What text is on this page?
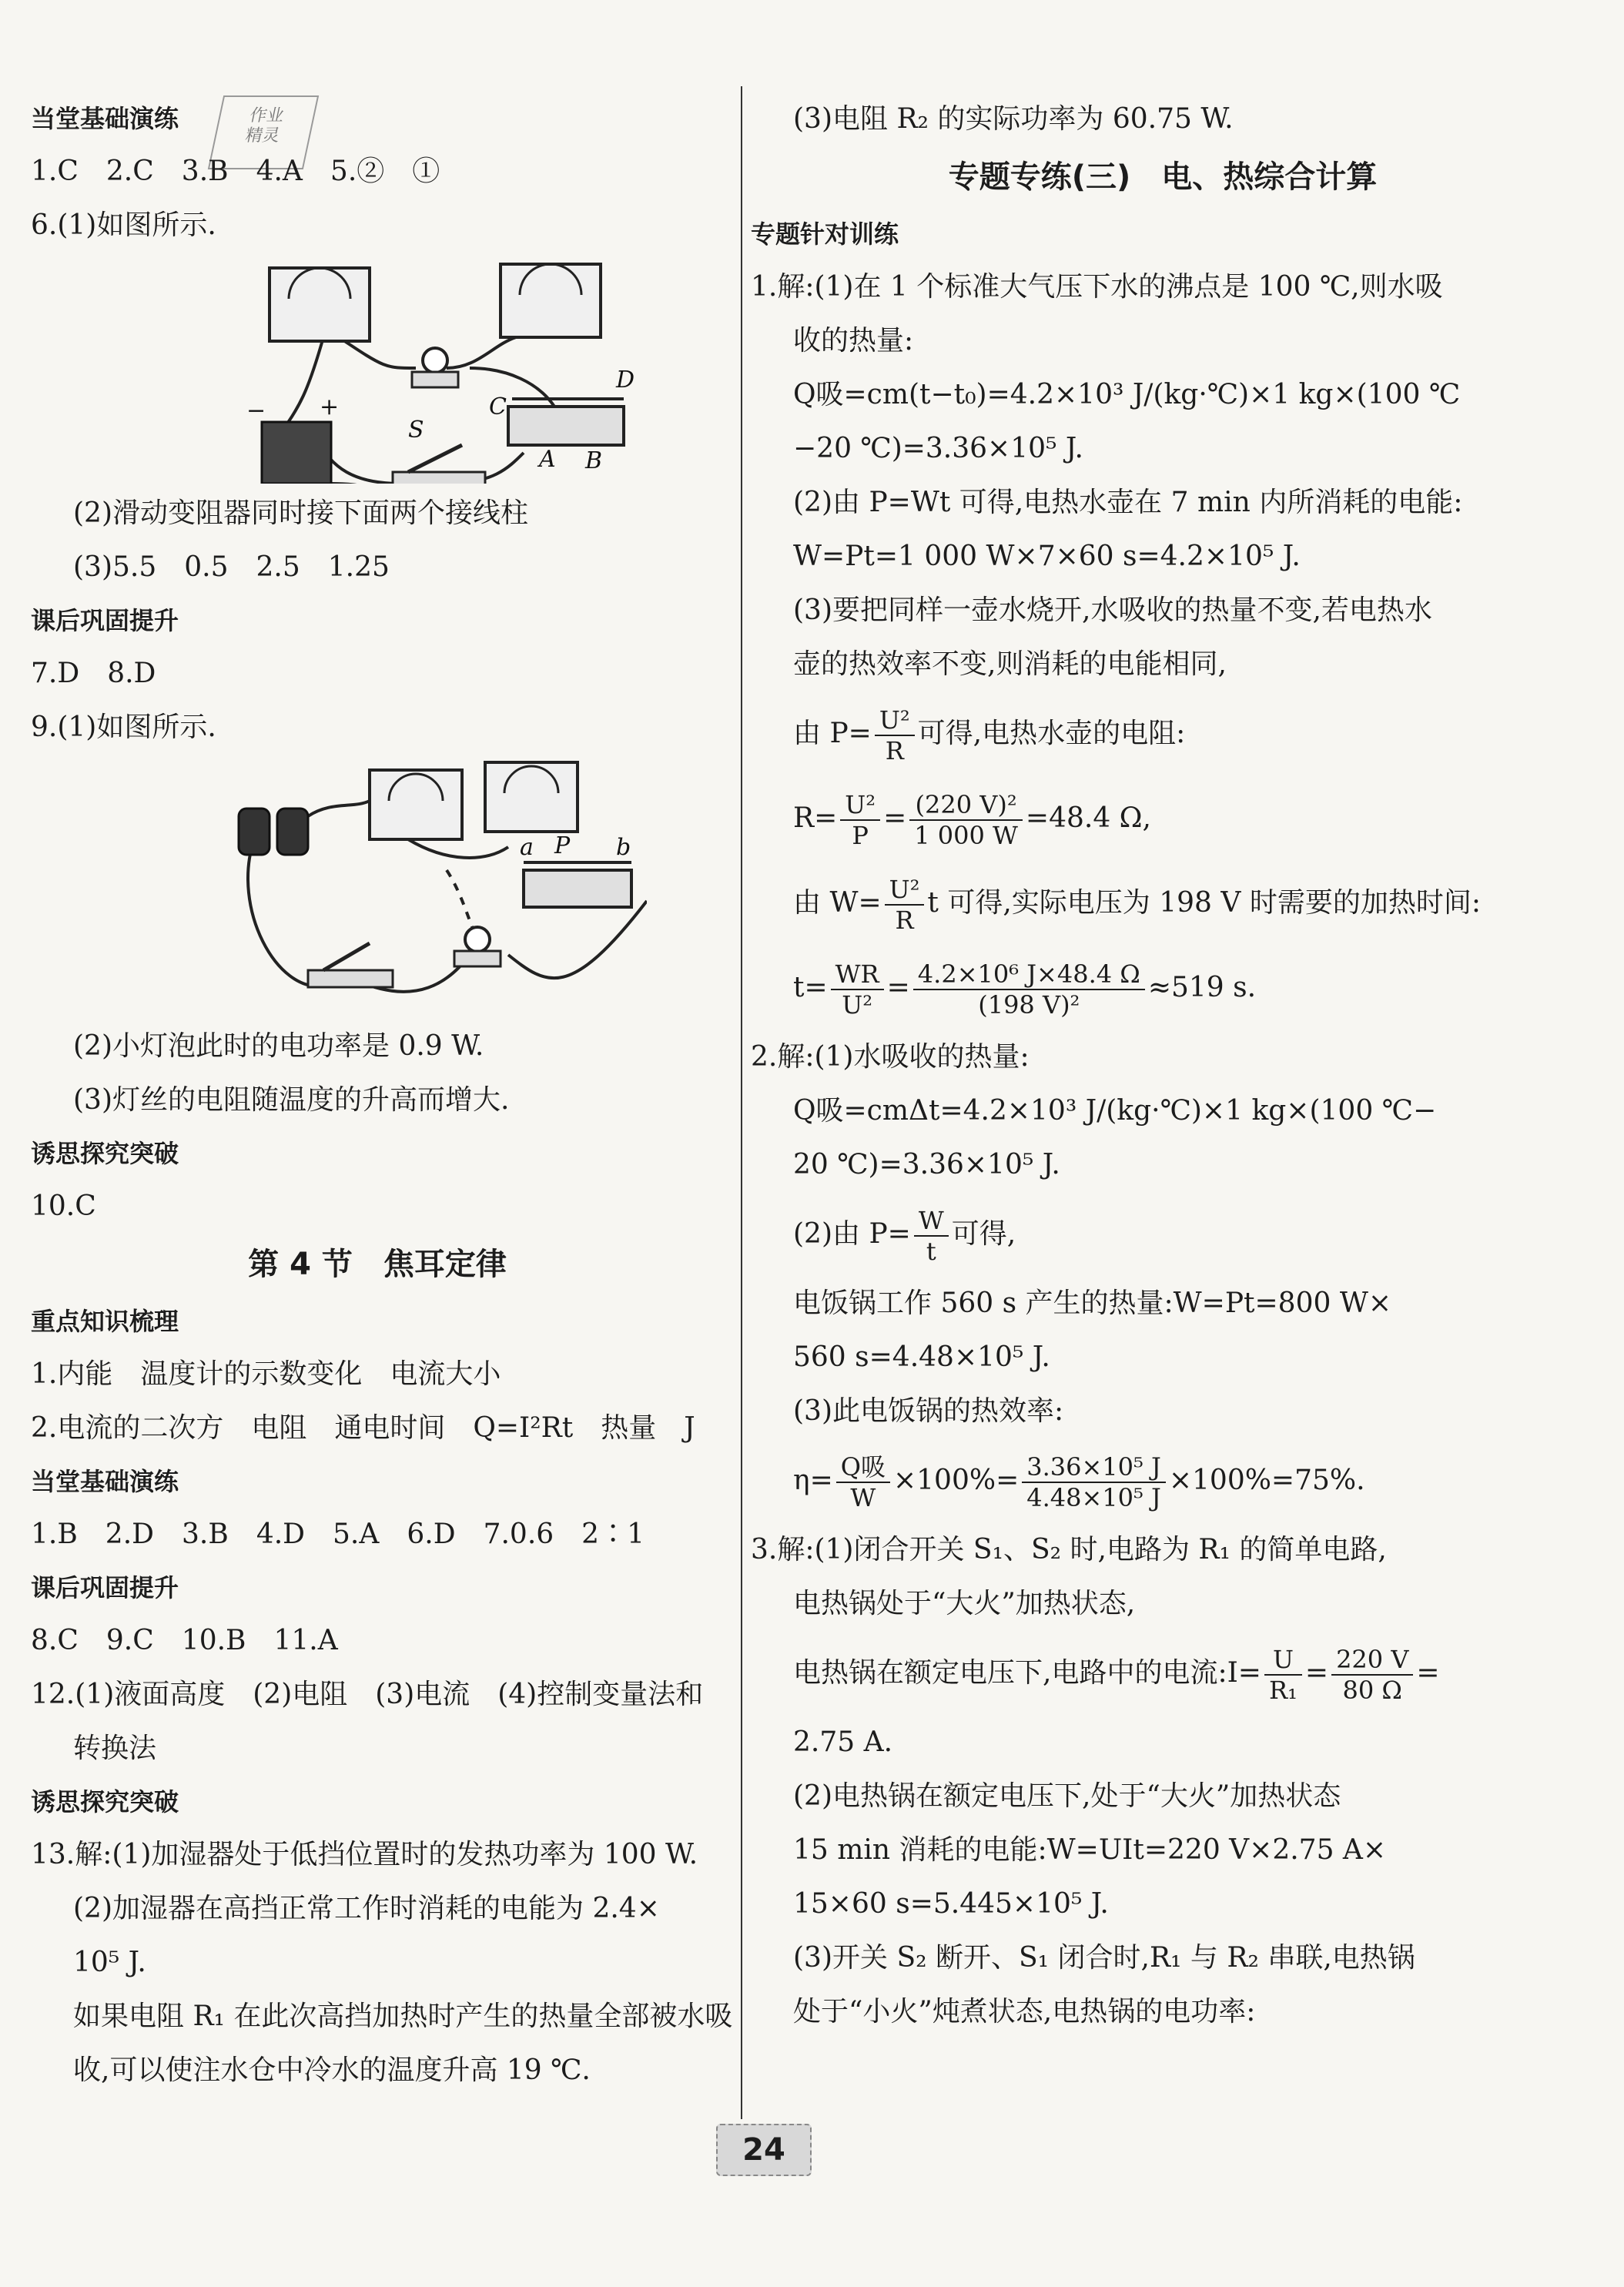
作业
精灵
当堂基础演练
1.C　2.C　3.B　4.A　5.②　①
6.(1)如图所示.
D
C
S
A B
− +
(2)滑动变阻器同时接下面两个接线柱
(3)5.5　0.5　2.5　1.25
课后巩固提升
7.D　8.D
9.(1)如图所示.
a P b
(2)小灯泡此时的电功率是 0.9 W.
(3)灯丝的电阻随温度的升高而增大.
诱思探究突破
10.C
第 4 节　焦耳定律
重点知识梳理
1.内能　温度计的示数变化　电流大小
2.电流的二次方　电阻　通电时间　Q=I²Rt　热量　J
当堂基础演练
1.B　2.D　3.B　4.D　5.A　6.D　7.0.6　2∶1
课后巩固提升
8.C　9.C　10.B　11.A
12.(1)液面高度　(2)电阻　(3)电流　(4)控制变量法和
转换法
诱思探究突破
13.解:(1)加湿器处于低挡位置时的发热功率为 100 W.
(2)加湿器在高挡正常工作时消耗的电能为 2.4×
10⁵ J.
如果电阻 R₁ 在此次高挡加热时产生的热量全部被水吸
收,可以使注水仓中冷水的温度升高 19 ℃.
(3)电阻 R₂ 的实际功率为 60.75 W.
专题专练(三)　电、热综合计算
专题针对训练
1.解:(1)在 1 个标准大气压下水的沸点是 100 ℃,则水吸
收的热量:
Q吸=cm(t−t₀)=4.2×10³ J/(kg·℃)×1 kg×(100 ℃
−20 ℃)=3.36×10⁵ J.
(2)由 P=Wt 可得,电热水壶在 7 min 内所消耗的电能:
W=Pt=1 000 W×7×60 s=4.2×10⁵ J.
(3)要把同样一壶水烧开,水吸收的热量不变,若电热水
壶的热效率不变,则消耗的电能相同,
由 $P= \frac{\text{U²}}{R}$ 可得,电热水壶的电阻:
$R= \frac{\text{U²}}{P} = \frac{\text{(220 V)²}}{1 000 W} =48.4$ Ω,
由 $W= \frac{\text{U²}}{R}$ t 可得,实际电压为 198 V 时需要的加热时间:
$t= \frac{WR}{\text{U²}} = \frac{\text{4.2×10⁶ J×48.4 Ω}}{\text{(198 V)²}} \approx 519$ s.
2.解:(1)水吸收的热量:
Q吸=cmΔt=4.2×10³ J/(kg·℃)×1 kg×(100 ℃−
20 ℃)=3.36×10⁵ J.
(2)由 $P= \frac{W}{t}$ 可得,
电饭锅工作 560 s 产生的热量:W=Pt=800 W×
560 s=4.48×10⁵ J.
(3)此电饭锅的热效率:
$\eta= \frac{\text{Q吸}}{W} \times 100\%= \frac{\text{3.36×10⁵ J}}{\text{4.48×10⁵ J}} \times 100\%=75\%$.
3.解:(1)闭合开关 S₁、S₂ 时,电路为 R₁ 的简单电路,
电热锅处于“大火”加热状态,
电热锅在额定电压下,电路中的电流:I= $\frac{U}{\text{R₁}} = \frac{220 V}{80 \Omega}$ =
2.75 A.
(2)电热锅在额定电压下,处于“大火”加热状态
15 min 消耗的电能:W=UIt=220 V×2.75 A×
15×60 s=5.445×10⁵ J.
(3)开关 S₂ 断开、S₁ 闭合时,R₁ 与 R₂ 串联,电热锅
处于“小火”炖煮状态,电热锅的电功率:
24
